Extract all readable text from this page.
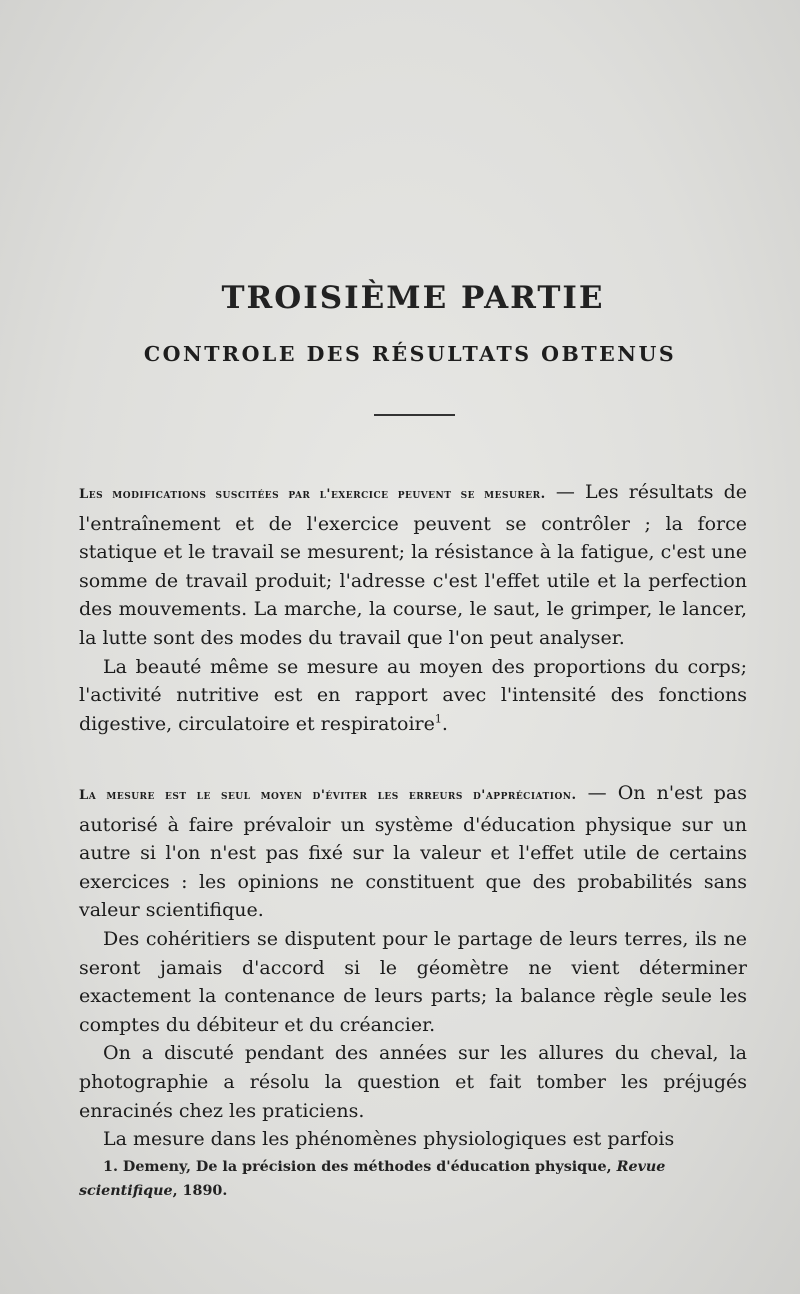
TROISIÈME PARTIE
CONTROLE DES RÉSULTATS OBTENUS

Les modifications suscitées par l'exercice peuvent se mesurer. — Les résultats de l'entraînement et de l'exercice peuvent se contrôler ; la force statique et le travail se mesurent; la résistance à la fatigue, c'est une somme de travail produit; l'adresse c'est l'effet utile et la perfection des mouvements. La marche, la course, le saut, le grimper, le lancer, la lutte sont des modes du travail que l'on peut analyser.

La beauté même se mesure au moyen des proportions du corps; l'activité nutritive est en rapport avec l'intensité des fonctions digestive, circulatoire et respiratoire$^1$.

La mesure est le seul moyen d'éviter les erreurs d'appréciation. — On n'est pas autorisé à faire prévaloir un système d'éducation physique sur un autre si l'on n'est pas fixé sur la valeur et l'effet utile de certains exercices : les opinions ne constituent que des probabilités sans valeur scientifique.

Des cohéritiers se disputent pour le partage de leurs terres, ils ne seront jamais d'accord si le géomètre ne vient déterminer exactement la contenance de leurs parts; la balance règle seule les comptes du débiteur et du créancier.

On a discuté pendant des années sur les allures du cheval, la photographie a résolu la question et fait tomber les préjugés enracinés chez les praticiens.

La mesure dans les phénomènes physiologiques est parfois

1. Demeny, De la précision des méthodes d'éducation physique, Revue scientifique, 1890.
